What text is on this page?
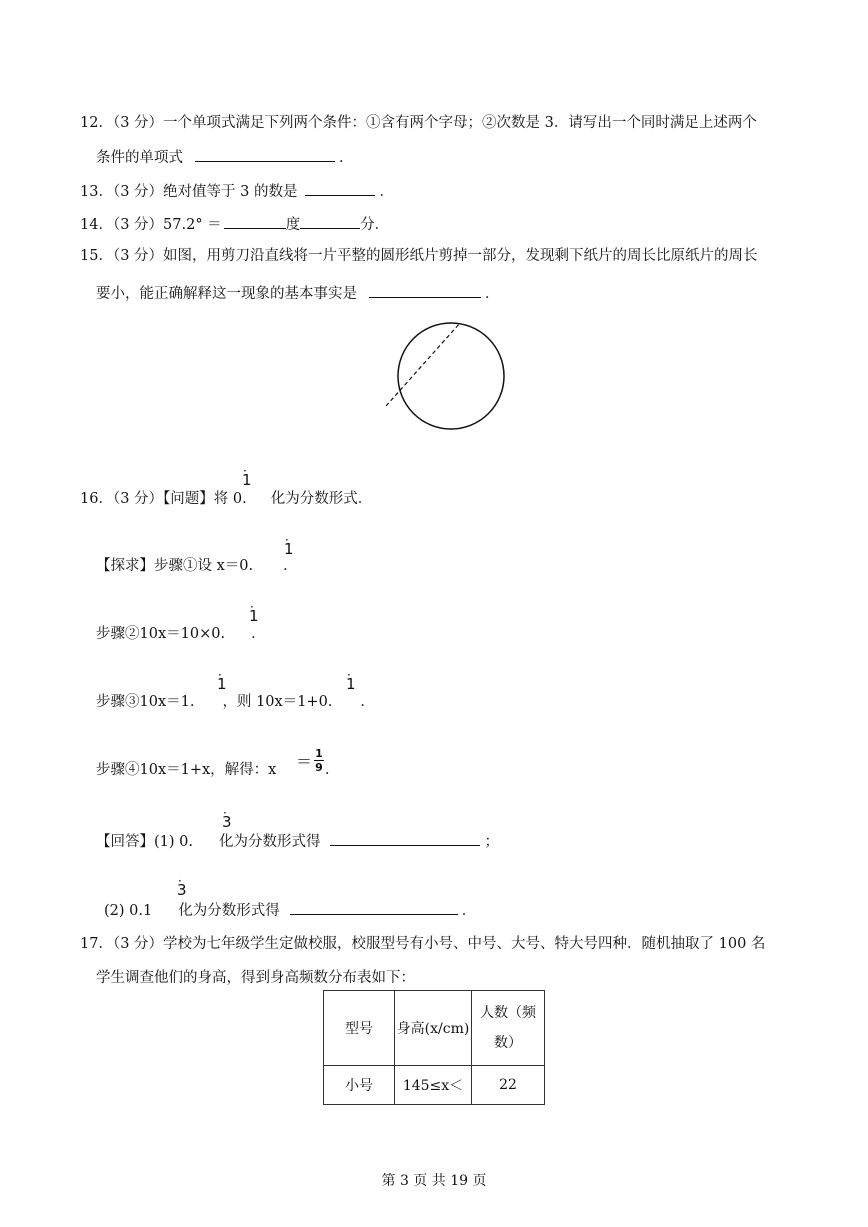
12．（3 分）一个单项式满足下列两个条件：①含有两个字母；②次数是 3．请写出一个同时满足上述两个
条件的单项式	．
13．（3 分）绝对值等于 3 的数是	．
14．（3 分）57.2° ＝	度	分．
15．（3 分）如图，用剪刀沿直线将一片平整的圆形纸片剪掉一部分，发现剩下纸片的周长比原纸片的周长
要小，能正确解释这一现象的基本事实是	．
16．（3 分）【问题】将 0. 化为分数形式．
· 1
【探求】步骤①设 x＝0. ．
· 1
步骤②10x＝10×0. ．
· 1
步骤③10x＝1. ，则 10x＝1+0. ．
· 1	· 1
步骤④10x＝1+x，解得：x ＝ 1
9 ．
【回答】(1) 0. 化为分数形式得	；
· 3
(2) 0.1 化为分数形式得	．
· 3
17．（3 分）学校为七年级学生定做校服，校服型号有小号、中号、大号、特大号四种．随机抽取了 100 名
学生调查他们的身高，得到身高频数分布表如下：
型号	身高(x/cm)	人数（频
数）
小号	145≤x＜	22
第 3 页 共 19 页
